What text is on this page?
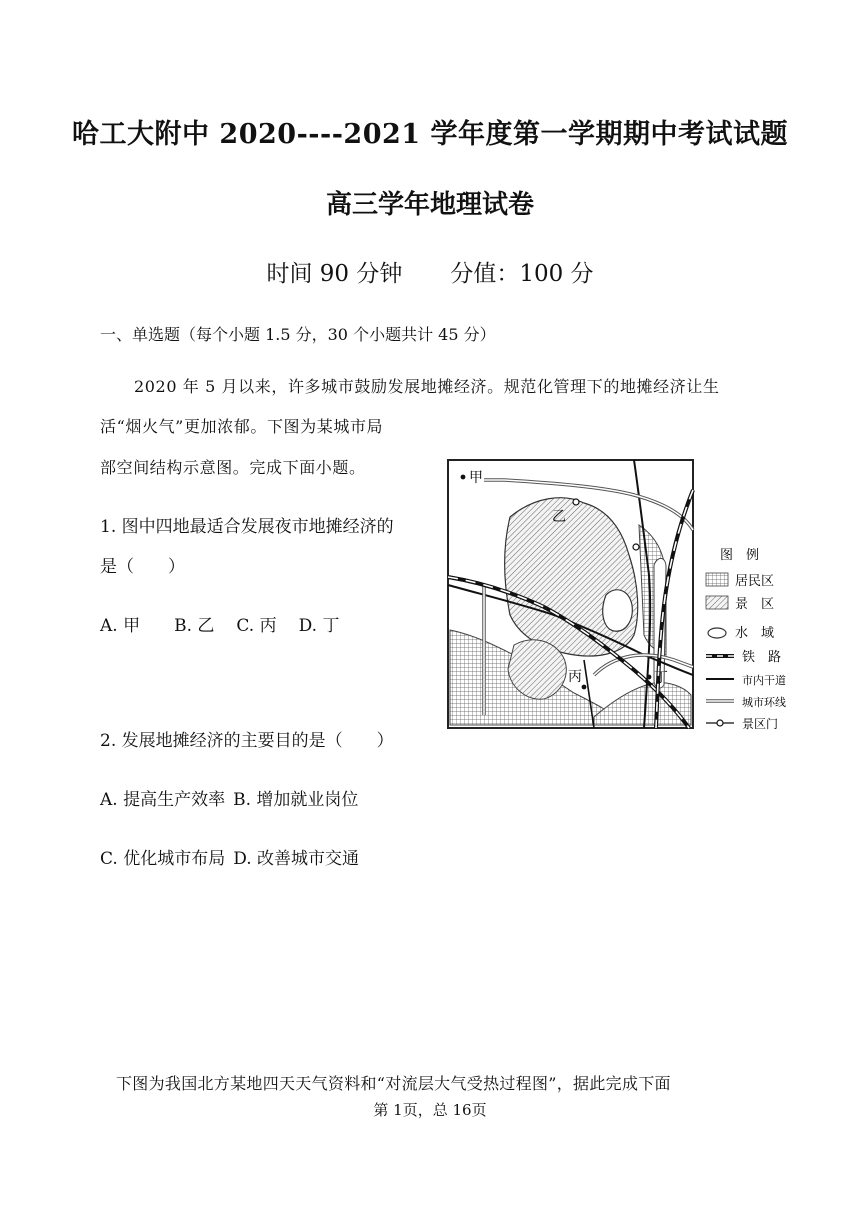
哈工大附中 2020----2021 学年度第一学期期中考试试题
高三学年地理试卷
时间 90 分钟 分值：100 分
一、单选题（每个小题 1.5 分，30 个小题共计 45 分）
2020 年 5 月以来，许多城市鼓励发展地摊经济。规范化管理下的地摊经济让生
活“烟火气”更加浓郁。下图为某城市局
部空间结构示意图。完成下面小题。
1. 图中四地最适合发展夜市地摊经济的
是（　　）
A. 甲 B. 乙 C. 丙 D. 丁
2. 发展地摊经济的主要目的是（　　）
A. 提高生产效率 B. 增加就业岗位
C. 优化城市布局 D. 改善城市交通
甲
乙
丙	丁
图　例
居民区
景　区
水　域
铁　路
市内干道
城市环线
景区门
下图为我国北方某地四天天气资料和“对流层大气受热过程图”，据此完成下面
第 1页，总 16页
